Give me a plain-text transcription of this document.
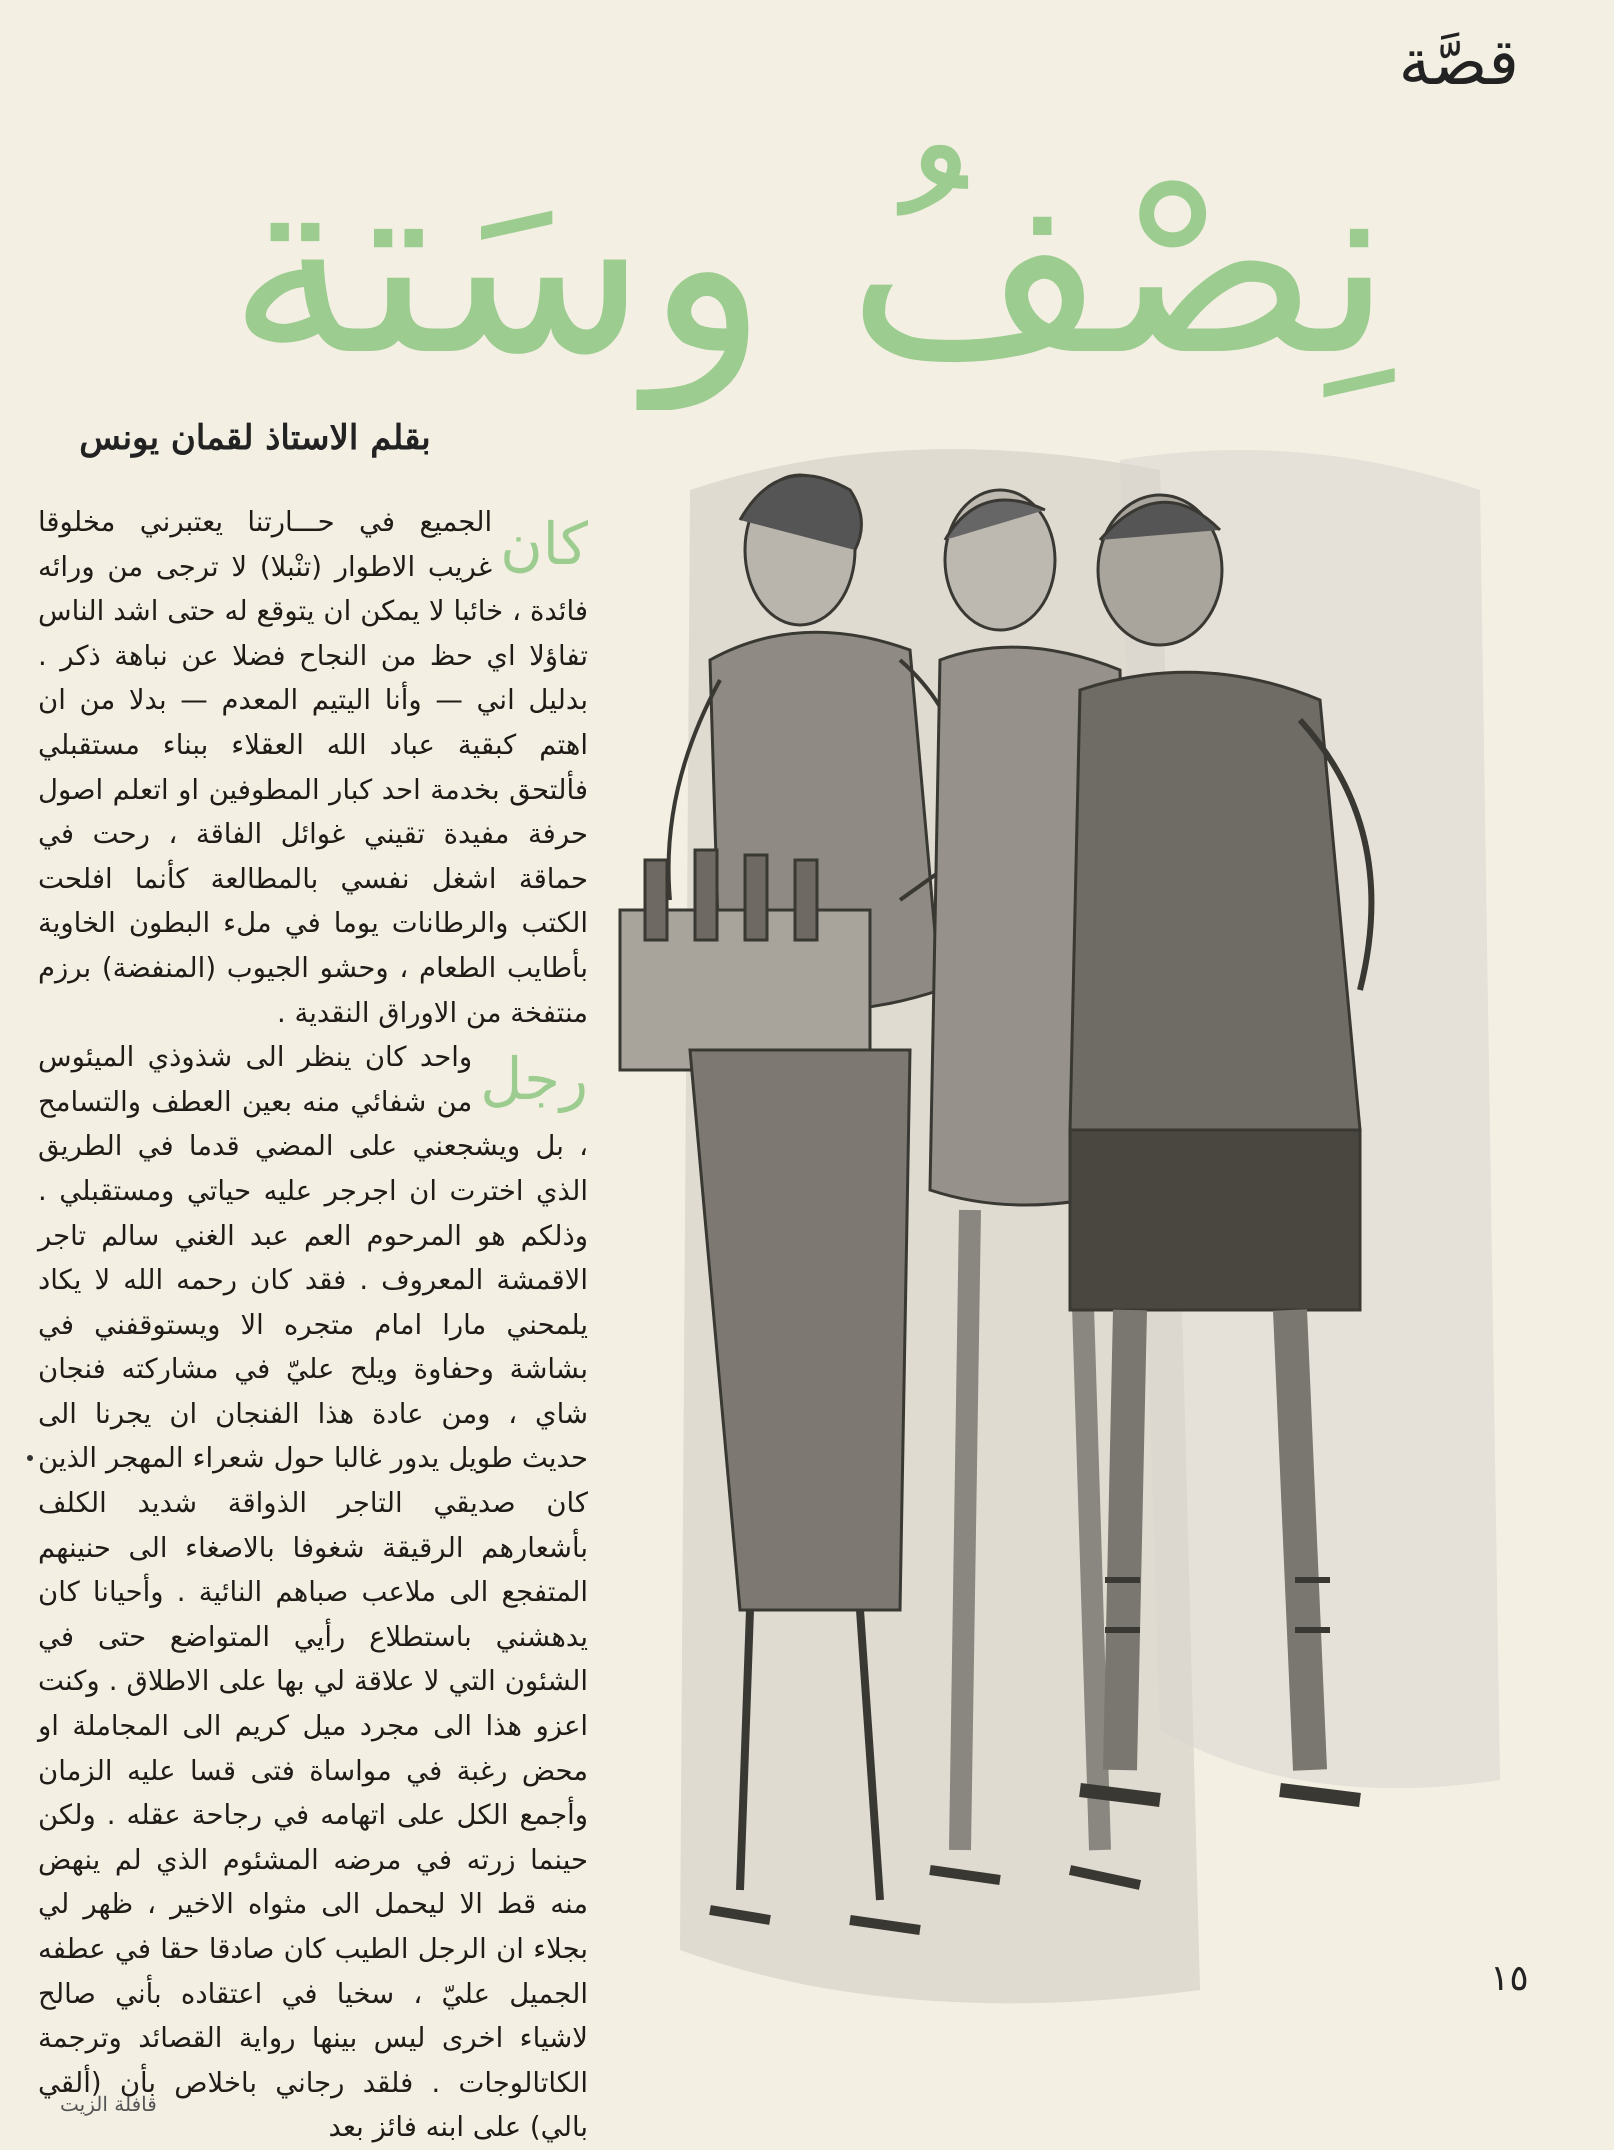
قصَّة
نِصْفُ وسَتة
بقلم الاستاذ لقمان يونس

كان
الجميع في حـــارتنا يعتبرني مخلوقا غريب الاطوار (تنْبلا) لا ترجى من ورائه فائدة ، خائبا لا يمكن ان يتوقع له حتى اشد الناس تفاؤلا اي حظ من النجاح فضلا عن نباهة ذكر . بدليل اني — وأنا اليتيم المعدم — بدلا من ان اهتم كبقية عباد الله العقلاء ببناء مستقبلي فألتحق بخدمة احد كبار المطوفين او اتعلم اصول حرفة مفيدة تقيني غوائل الفاقة ، رحت في حماقة اشغل نفسي بالمطالعة كأنما افلحت الكتب والرطانات يوما في ملء البطون الخاوية بأطايب الطعام ، وحشو الجيوب (المنفضة) برزم منتفخة من الاوراق النقدية .

رجل
واحد كان ينظر الى شذوذي الميئوس من شفائي منه بعين العطف والتسامح ، بل ويشجعني على المضي قدما في الطريق الذي اخترت ان اجرجر عليه حياتي ومستقبلي . وذلكم هو المرحوم العم عبد الغني سالم تاجر الاقمشة المعروف . فقد كان رحمه الله لا يكاد يلمحني مارا امام متجره الا ويستوقفني في بشاشة وحفاوة ويلح عليّ في مشاركته فنجان شاي ، ومن عادة هذا الفنجان ان يجرنا الى حديث طويل يدور غالبا حول شعراء المهجر الذين كان صديقي التاجر الذواقة شديد الكلف بأشعارهم الرقيقة شغوفا بالاصغاء الى حنينهم المتفجع الى ملاعب صباهم النائية . وأحيانا كان يدهشني باستطلاع رأيي المتواضع حتى في الشئون التي لا علاقة لي بها على الاطلاق . وكنت اعزو هذا الى مجرد ميل كريم الى المجاملة او محض رغبة في مواساة فتى قسا عليه الزمان وأجمع الكل على اتهامه في رجاحة عقله . ولكن حينما زرته في مرضه المشئوم الذي لم ينهض منه قط الا ليحمل الى مثواه الاخير ، ظهر لي بجلاء ان الرجل الطيب كان صادقا حقا في عطفه الجميل عليّ ، سخيا في اعتقاده بأني صالح لاشياء اخرى ليس بينها رواية القصائد وترجمة الكاتالوجات . فلقد رجاني باخلاص بأن (ألقي بالي) على ابنه فائز بعد

١٥
قافلة الزيت
